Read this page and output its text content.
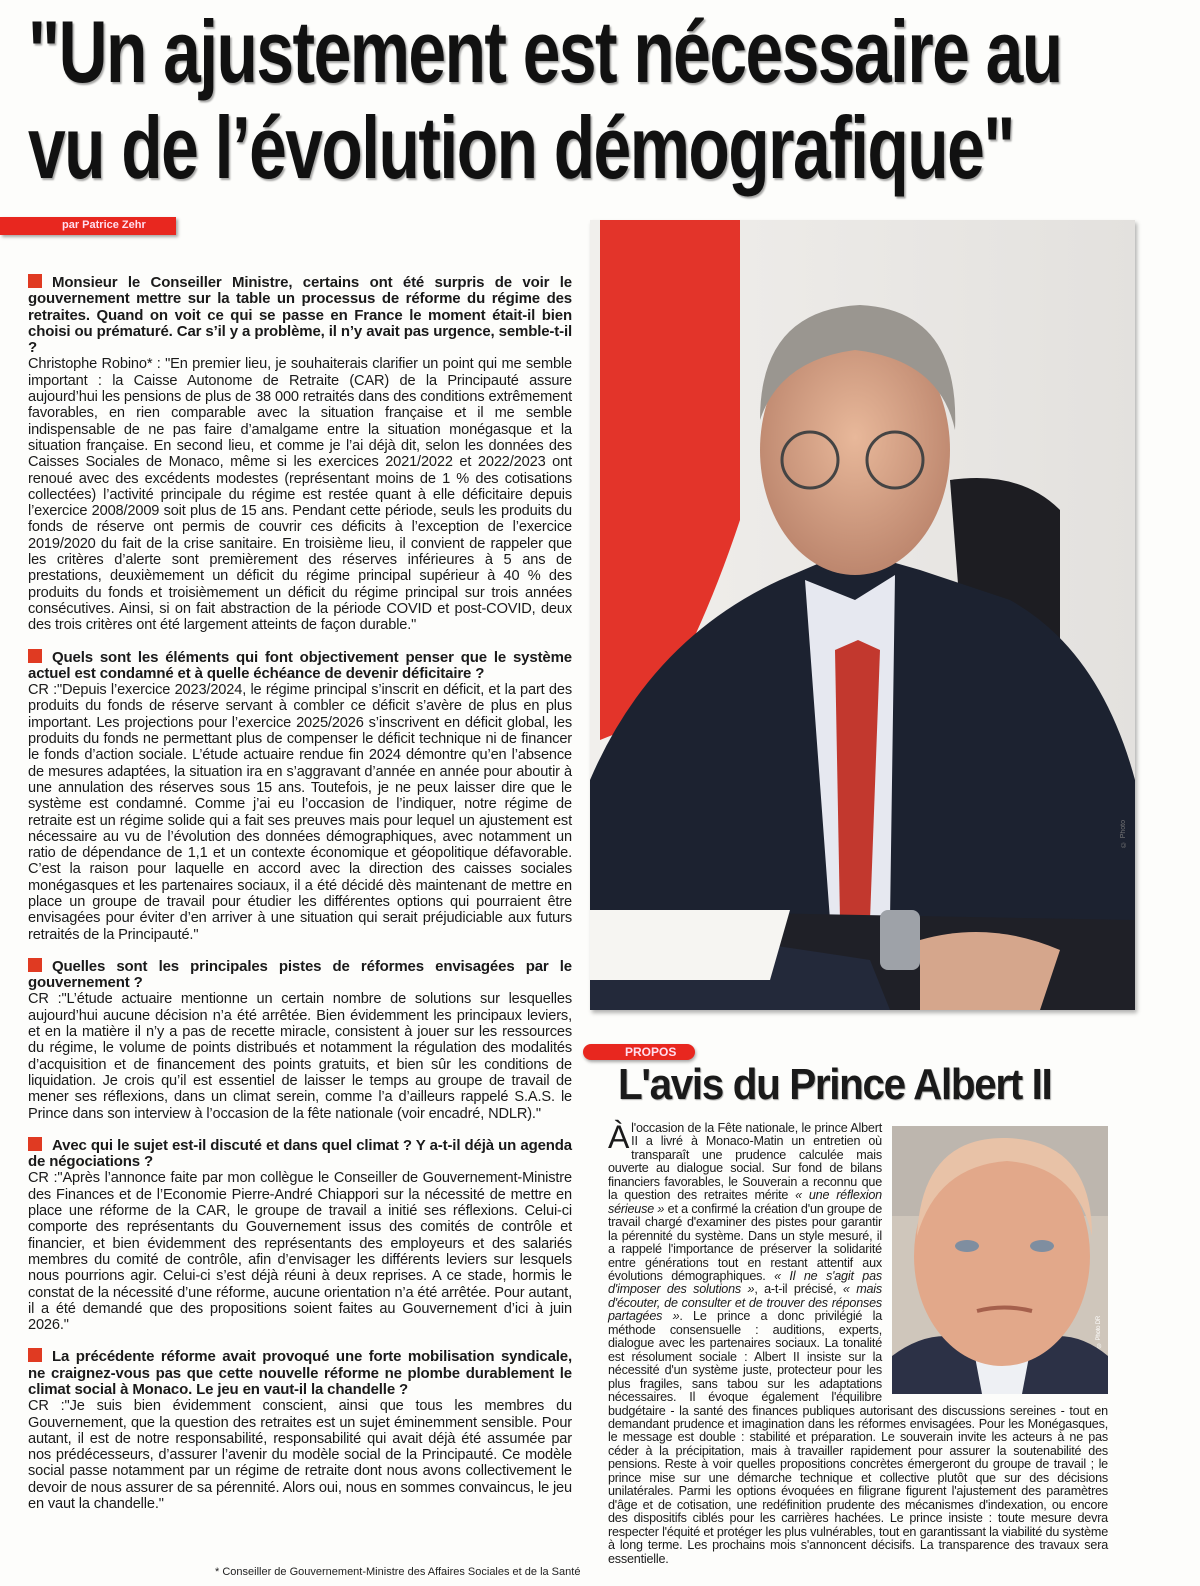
"Un ajustement est nécessaire au
vu de l’évolution démografique"
par Patrice Zehr
Monsieur le Conseiller Ministre, certains ont été surpris de voir le gouvernement mettre sur la table un processus de réforme du régime des retraites. Quand on voit ce qui se passe en France le moment était-il bien choisi ou prématuré. Car s’il y a problème, il n’y avait pas urgence, semble-t-il ?
Christophe Robino* : "En premier lieu, je souhaiterais clarifier un point qui me semble important : la Caisse Autonome de Retraite (CAR) de la Principauté assure aujourd’hui les pensions de plus de 38 000 retraités dans des conditions extrêmement favorables, en rien comparable avec la situation française et il me semble indispensable de ne pas faire d’amalgame entre la situation monégasque et la situation française. En second lieu, et comme je l’ai déjà dit, selon les données des Caisses Sociales de Monaco, même si les exercices 2021/2022 et 2022/2023 ont renoué avec des excédents modestes (représentant moins de 1 % des cotisations collectées) l’activité principale du régime est restée quant à elle déficitaire depuis l’exercice 2008/2009 soit plus de 15 ans. Pendant cette période, seuls les produits du fonds de réserve ont permis de couvrir ces déficits à l’exception de l’exercice 2019/2020 du fait de la crise sanitaire. En troisième lieu, il convient de rappeler que les critères d’alerte sont premièrement des réserves inférieures à 5 ans de prestations, deuxièmement un déficit du régime principal supérieur à 40 % des produits du fonds et troisièmement un déficit du régime principal sur trois années consécutives. Ainsi, si on fait abstraction de la période COVID et post-COVID, deux des trois critères ont été largement atteints de façon durable."
Quels sont les éléments qui font objectivement penser que le système actuel est condamné et à quelle échéance de devenir déficitaire ?
CR :"Depuis l’exercice 2023/2024, le régime principal s’inscrit en déficit, et la part des produits du fonds de réserve servant à combler ce déficit s’avère de plus en plus important. Les projections pour l’exercice 2025/2026 s’inscrivent en déficit global, les produits du fonds ne permettant plus de compenser le déficit technique ni de financer le fonds d’action sociale. L’étude actuaire rendue fin 2024 démontre qu’en l’absence de mesures adaptées, la situation ira en s’aggravant d’année en année pour aboutir à une annulation des réserves sous 15 ans. Toutefois, je ne peux laisser dire que le système est condamné. Comme j’ai eu l’occasion de l’indiquer, notre régime de retraite est un régime solide qui a fait ses preuves mais pour lequel un ajustement est nécessaire au vu de l’évolution des données démographiques, avec notamment un ratio de dépendance de 1,1 et un contexte économique et géopolitique défavorable. C’est la raison pour laquelle en accord avec la direction des caisses sociales monégasques et les partenaires sociaux, il a été décidé dès maintenant de mettre en place un groupe de travail pour étudier les différentes options qui pourraient être envisagées pour éviter d’en arriver à une situation qui serait préjudiciable aux futurs retraités de la Principauté."
Quelles sont les principales pistes de réformes envisagées par le gouvernement ?
CR :"L’étude actuaire mentionne un certain nombre de solutions sur lesquelles aujourd’hui aucune décision n’a été arrêtée. Bien évidemment les principaux leviers, et en la matière il n’y a pas de recette miracle, consistent à jouer sur les ressources du régime, le volume de points distribués et notamment la régulation des modalités d’acquisition et de financement des points gratuits, et bien sûr les conditions de liquidation. Je crois qu’il est essentiel de laisser le temps au groupe de travail de mener ses réflexions, dans un climat serein, comme l’a d’ailleurs rappelé S.A.S. le Prince dans son interview à l’occasion de la fête nationale (voir encadré, NDLR)."
Avec qui le sujet est-il discuté et dans quel climat ? Y a-t-il déjà un agenda de négociations ?
CR :"Après l’annonce faite par mon collègue le Conseiller de Gouvernement-Ministre des Finances et de l’Economie Pierre-André Chiappori sur la nécessité de mettre en place une réforme de la CAR, le groupe de travail a initié ses réflexions. Celui-ci comporte des représentants du Gouvernement issus des comités de contrôle et financier, et bien évidemment des représentants des employeurs et des salariés membres du comité de contrôle, afin d’envisager les différents leviers sur lesquels nous pourrions agir. Celui-ci s’est déjà réuni à deux reprises. A ce stade, hormis le constat de la nécessité d’une réforme, aucune orientation n’a été arrêtée. Pour autant, il a été demandé que des propositions soient faites au Gouvernement d’ici à juin 2026."
La précédente réforme avait provoqué une forte mobilisation syndicale, ne craignez-vous pas que cette nouvelle réforme ne plombe durablement le climat social à Monaco. Le jeu en vaut-il la chandelle ?
CR :"Je suis bien évidemment conscient, ainsi que tous les membres du Gouvernement, que la question des retraites est un sujet éminemment sensible. Pour autant, il est de notre responsabilité, responsabilité qui avait déjà été assumée par nos prédécesseurs, d’assurer l’avenir du modèle social de la Principauté. Ce modèle social passe notamment par un régime de retraite dont nous avons collectivement le devoir de nous assurer de sa pérennité. Alors oui, nous en sommes convaincus, le jeu en vaut la chandelle."
* Conseiller de Gouvernement-Ministre des Affaires Sociales et de la Santé
© Photo
PROPOS
L'avis du Prince Albert II
© Photo DR
À l'occasion de la Fête nationale, le prince Albert II a livré à Monaco-Matin un entretien où transparaît une prudence calculée mais ouverte au dialogue social. Sur fond de bilans financiers favorables, le Souverain a reconnu que la question des retraites mérite « une réflexion sérieuse » et a confirmé la création d'un groupe de travail chargé d'examiner des pistes pour garantir la pérennité du système. Dans un style mesuré, il a rappelé l'importance de préserver la solidarité entre générations tout en restant attentif aux évolutions démographiques. « Il ne s'agit pas d'imposer des solutions », a-t-il précisé, « mais d'écouter, de consulter et de trouver des réponses partagées ». Le prince a donc privilégié la méthode consensuelle : auditions, experts, dialogue avec les partenaires sociaux. La tonalité est résolument sociale : Albert II insiste sur la nécessité d'un système juste, protecteur pour les plus fragiles, sans tabou sur les adaptations nécessaires. Il évoque également l'équilibre budgétaire - la santé des finances publiques autorisant des discussions sereines - tout en demandant prudence et imagination dans les réformes envisagées. Pour les Monégasques, le message est double : stabilité et préparation. Le souverain invite les acteurs à ne pas céder à la précipitation, mais à travailler rapidement pour assurer la soutenabilité des pensions. Reste à voir quelles propositions concrètes émergeront du groupe de travail ; le prince mise sur une démarche technique et collective plutôt que sur des décisions unilatérales. Parmi les options évoquées en filigrane figurent l'ajustement des paramètres d'âge et de cotisation, une redéfinition prudente des mécanismes d'indexation, ou encore des dispositifs ciblés pour les carrières hachées. Le prince insiste : toute mesure devra respecter l'équité et protéger les plus vulnérables, tout en garantissant la viabilité du système à long terme. Les prochains mois s'annoncent décisifs. La transparence des travaux sera essentielle.
